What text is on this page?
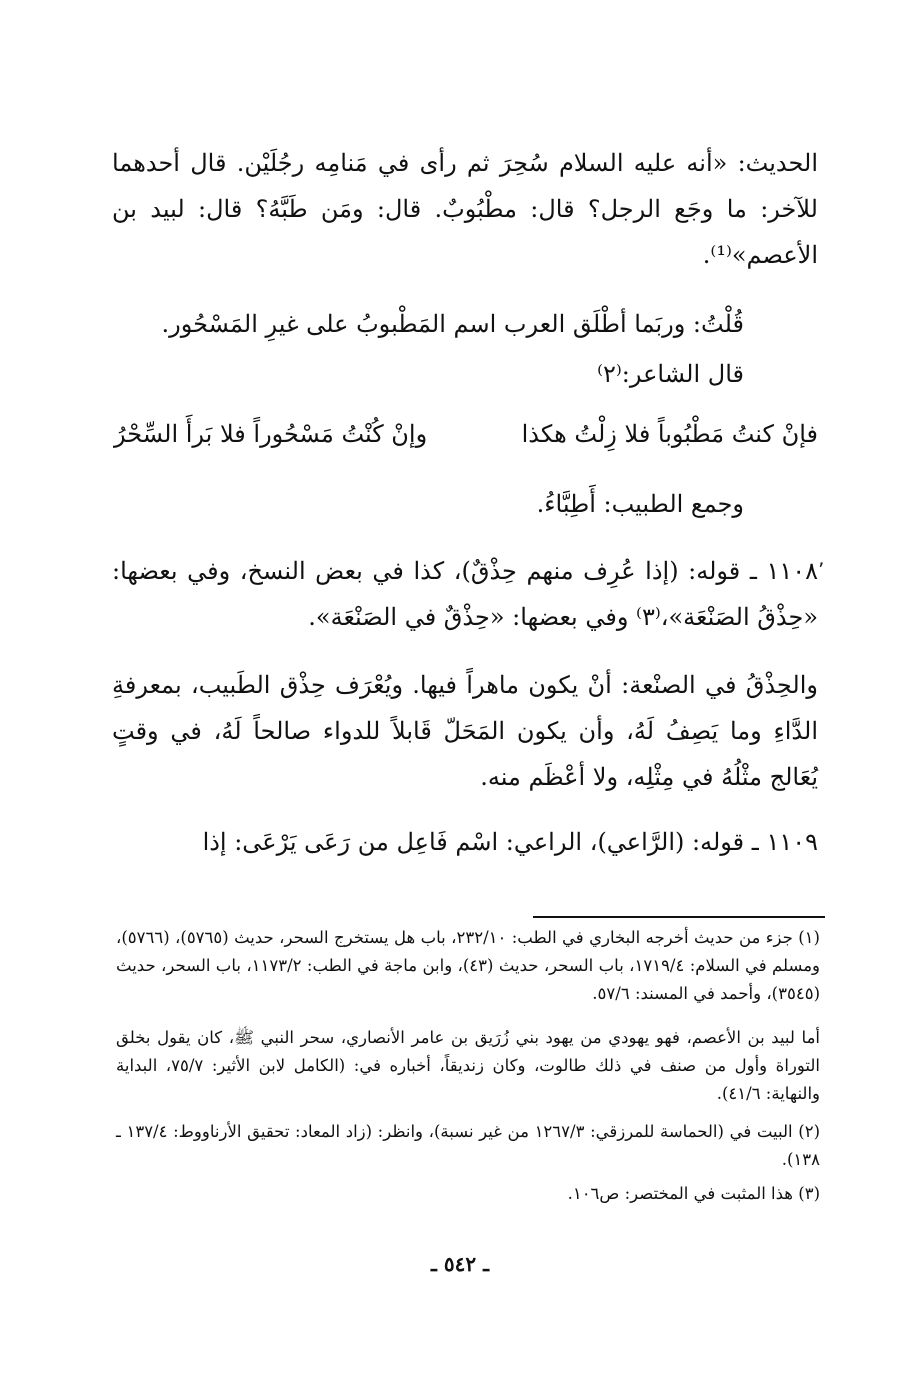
الحديث: «أنه عليه السلام سُحِرَ ثم رأى في مَنامِه رجُلَيْن. قال أحدهما للآخر: ما وجَع الرجل؟ قال: مطْبُوبٌ. قال: ومَن طَبَّهُ؟ قال: لبيد بن الأعصم»⁽¹⁾.
قُلْتُ: وربَما أطْلَق العرب اسم المَطْبوبُ على غيرِ المَسْحُور.
قال الشاعر:⁽٢⁾
فإنْ كنتُ مَطْبُوباً فلا زِلْتُ هكذا
وإنْ كُنْتُ مَسْحُوراً فلا بَرأَ السِّحْرُ
وجمع الطبيب: أَطِبَّاءُ.
٬
١١٠٨ ـ قوله: (إذا عُرِف منهم حِذْقٌ)، كذا في بعض النسخ، وفي بعضها: «حِذْقُ الصَنْعَة»،⁽٣⁾ وفي بعضها: «حِذْقٌ في الصَنْعَة».
والحِذْقُ في الصنْعة: أنْ يكون ماهراً فيها. ويُعْرَف حِذْق الطَبيب، بمعرفةِ الدَّاءِ وما يَصِفُ لَهُ، وأن يكون المَحَلّ قَابلاً للدواء صالحاً لَهُ، في وقتٍ يُعَالج مثْلُهُ في مِثْلِه، ولا أعْظَم منه.
١١٠٩ ـ قوله: (الرَّاعي)، الراعي: اسْم فَاعِل من رَعَى يَرْعَى: إذا
(١) جزء من حديث أخرجه البخاري في الطب: ٢٣٢/١٠، باب هل يستخرج السحر، حديث (٥٧٦٥)، (٥٧٦٦)، ومسلم في السلام: ١٧١٩/٤، باب السحر، حديث (٤٣)، وابن ماجة في الطب: ١١٧٣/٢، باب السحر، حديث (٣٥٤٥)، وأحمد في المسند: ٥٧/٦.
أما لبيد بن الأعصم، فهو يهودي من يهود بني زُرَيق بن عامر الأنصاري، سحر النبي ﷺ، كان يقول بخلق التوراة وأول من صنف في ذلك طالوت، وكان زنديقاً، أخباره في: (الكامل لابن الأثير: ٧٥/٧، البداية والنهاية: ٤١/٦).
(٢) البيت في (الحماسة للمرزقي: ١٢٦٧/٣ من غير نسبة)، وانظر: (زاد المعاد: تحقيق الأرناووط: ١٣٧/٤ ـ ١٣٨).
(٣) هذا المثبت في المختصر: ص١٠٦.
ـ ٥٤٢ ـ
